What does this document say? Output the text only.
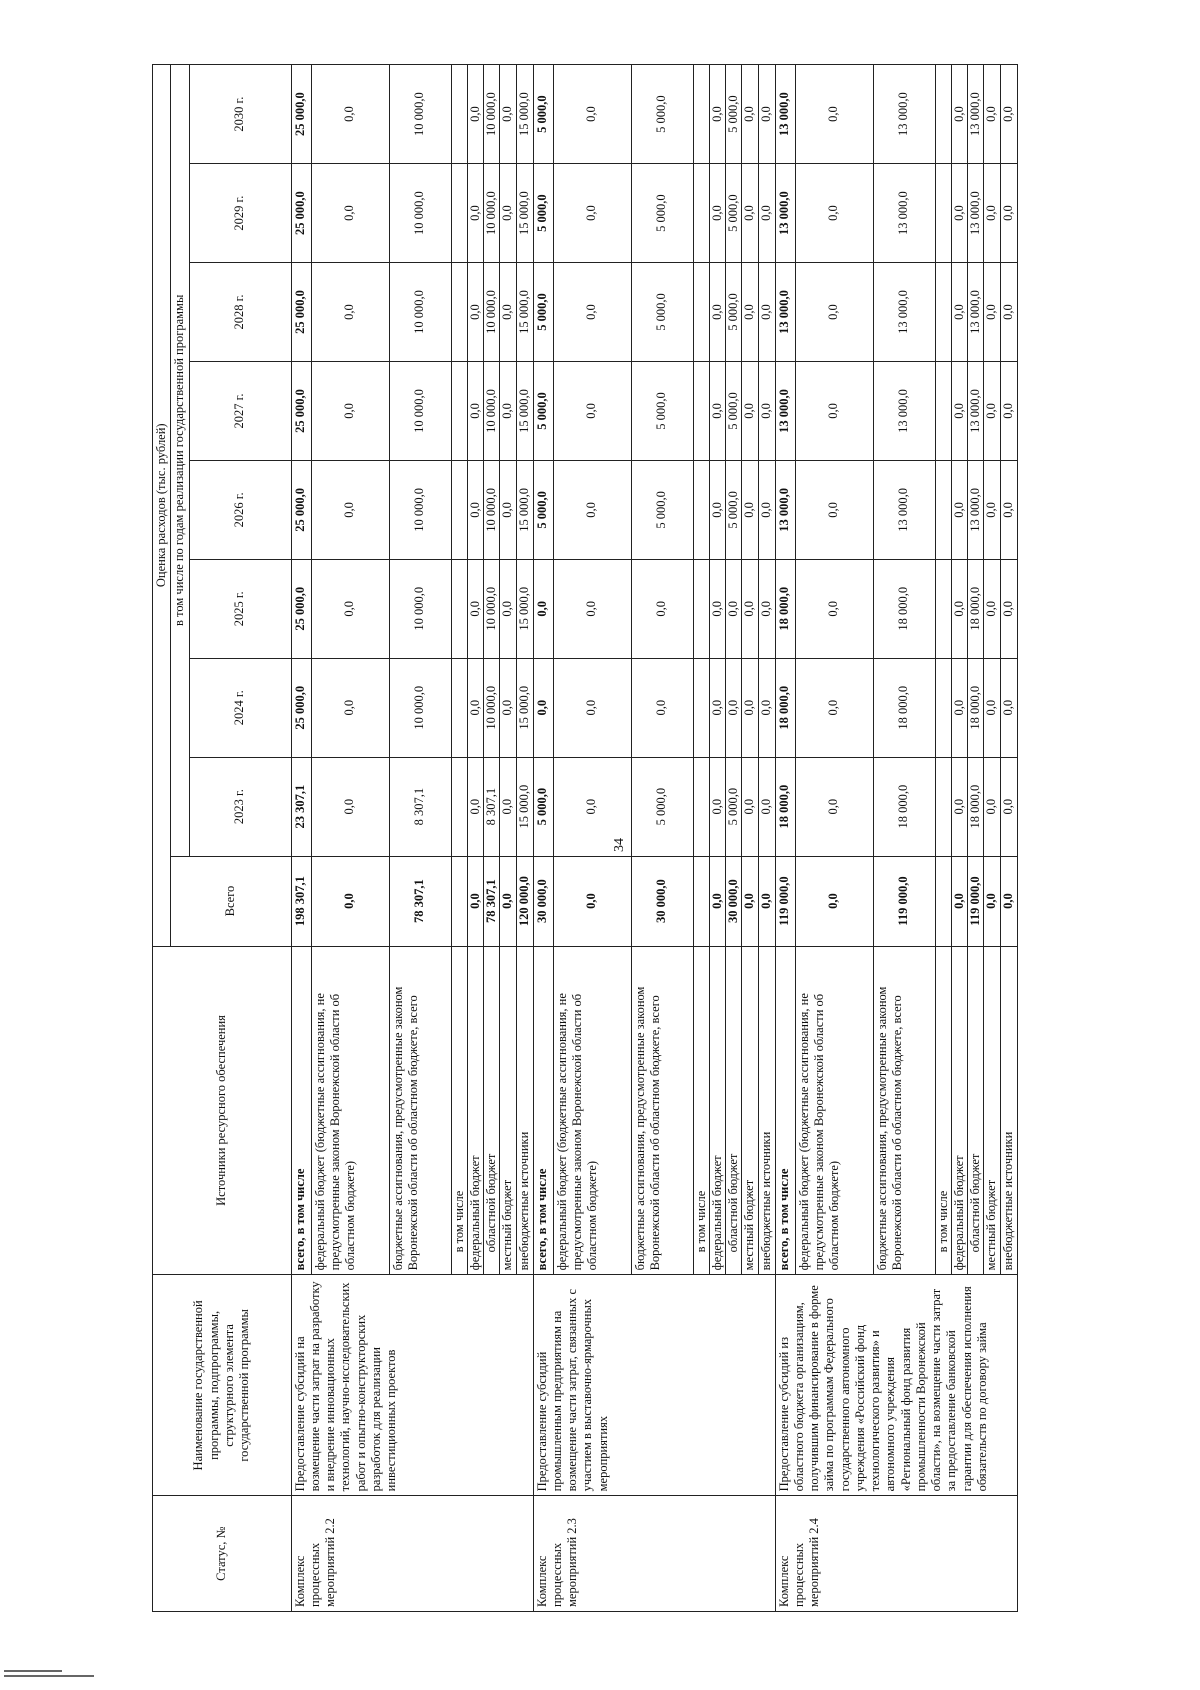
34
Статус, №	Наименование государственной программы, подпрограммы, структурного элемента государственной программы	Источники ресурсного обеспечения	Оценка расходов (тыс. рублей)								
			Всего	в том числе по годам реализации государственной программы							
				2023 г.	2024 г.	2025 г.	2026 г.	2027 г.	2028 г.	2029 г.	2030 г.
Комплекс процессных мероприятий 2.2	Предоставление субсидий на возмещение части затрат на разработку и внедрение инновационных технологий, научно-исследовательских работ и опытно-конструкторских разработок для реализации инвестиционных проектов	всего, в том числе	198 307,1	23 307,1	25 000,0	25 000,0	25 000,0	25 000,0	25 000,0	25 000,0	25 000,0
		федеральный бюджет (бюджетные ассигнования, не предусмотренные законом Воронежской области об областном бюджете)	0,0	0,0	0,0	0,0	0,0	0,0	0,0	0,0	0,0
		бюджетные ассигнования, предусмотренные законом Воронежской области об областном бюджете, всего	78 307,1	8 307,1	10 000,0	10 000,0	10 000,0	10 000,0	10 000,0	10 000,0	10 000,0
		в том числе									
		федеральный бюджет	0,0	0,0	0,0	0,0	0,0	0,0	0,0	0,0	0,0
		областной бюджет	78 307,1	8 307,1	10 000,0	10 000,0	10 000,0	10 000,0	10 000,0	10 000,0	10 000,0
		местный бюджет	0,0	0,0	0,0	0,0	0,0	0,0	0,0	0,0	0,0
		внебюджетные источники	120 000,0	15 000,0	15 000,0	15 000,0	15 000,0	15 000,0	15 000,0	15 000,0	15 000,0
Комплекс процессных мероприятий 2.3	Предоставление субсидий промышленным предприятиям на возмещение части затрат, связанных с участием в выставочно-ярмарочных мероприятиях	всего, в том числе	30 000,0	5 000,0	0,0	0,0	5 000,0	5 000,0	5 000,0	5 000,0	5 000,0
		федеральный бюджет (бюджетные ассигнования, не предусмотренные законом Воронежской области об областном бюджете)	0,0	0,0	0,0	0,0	0,0	0,0	0,0	0,0	0,0
		бюджетные ассигнования, предусмотренные законом Воронежской области об областном бюджете, всего	30 000,0	5 000,0	0,0	0,0	5 000,0	5 000,0	5 000,0	5 000,0	5 000,0
		в том числе									
		федеральный бюджет	0,0	0,0	0,0	0,0	0,0	0,0	0,0	0,0	0,0
		областной бюджет	30 000,0	5 000,0	0,0	0,0	5 000,0	5 000,0	5 000,0	5 000,0	5 000,0
		местный бюджет	0,0	0,0	0,0	0,0	0,0	0,0	0,0	0,0	0,0
		внебюджетные источники	0,0	0,0	0,0	0,0	0,0	0,0	0,0	0,0	0,0
Комплекс процессных мероприятий 2.4	Предоставление субсидий из областного бюджета организациям, получившим финансирование в форме займа по программам Федерального государственного автономного учреждения «Российский фонд технологического развития» и автономного учреждения «Региональный фонд развития промышленности Воронежской области», на возмещение части затрат за предоставление банковской гарантии для обеспечения исполнения обязательств по договору займа	всего, в том числе	119 000,0	18 000,0	18 000,0	18 000,0	13 000,0	13 000,0	13 000,0	13 000,0	13 000,0
		федеральный бюджет (бюджетные ассигнования, не предусмотренные законом Воронежской области об областном бюджете)	0,0	0,0	0,0	0,0	0,0	0,0	0,0	0,0	0,0
		бюджетные ассигнования, предусмотренные законом Воронежской области об областном бюджете, всего	119 000,0	18 000,0	18 000,0	18 000,0	13 000,0	13 000,0	13 000,0	13 000,0	13 000,0
		в том числе									
		федеральный бюджет	0,0	0,0	0,0	0,0	0,0	0,0	0,0	0,0	0,0
		областной бюджет	119 000,0	18 000,0	18 000,0	18 000,0	13 000,0	13 000,0	13 000,0	13 000,0	13 000,0
		местный бюджет	0,0	0,0	0,0	0,0	0,0	0,0	0,0	0,0	0,0
		внебюджетные источники	0,0	0,0	0,0	0,0	0,0	0,0	0,0	0,0	0,0
